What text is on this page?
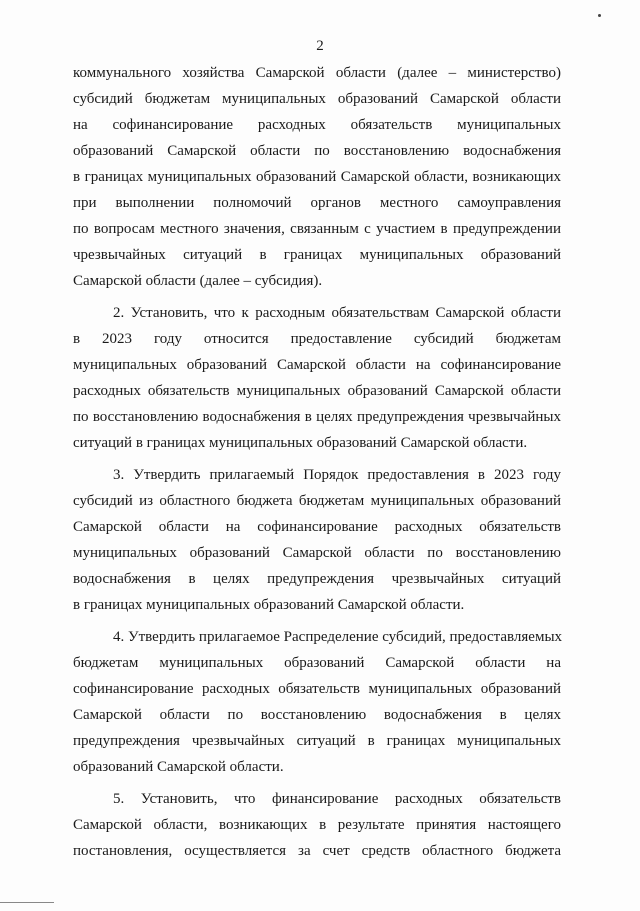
2
коммунального хозяйства Самарской области (далее – министерство)
субсидий бюджетам муниципальных образований Самарской области
на софинансирование расходных обязательств муниципальных
образований Самарской области по восстановлению водоснабжения
в границах муниципальных образований Самарской области, возникающих
при выполнении полномочий органов местного самоуправления
по вопросам местного значения, связанным с участием в предупреждении
чрезвычайных ситуаций в границах муниципальных образований
Самарской области (далее – субсидия).
2. Установить, что к расходным обязательствам Самарской области
в 2023 году относится предоставление субсидий бюджетам
муниципальных образований Самарской области на софинансирование
расходных обязательств муниципальных образований Самарской области
по восстановлению водоснабжения в целях предупреждения чрезвычайных
ситуаций в границах муниципальных образований Самарской области.
3. Утвердить прилагаемый Порядок предоставления в 2023 году
субсидий из областного бюджета бюджетам муниципальных образований
Самарской области на софинансирование расходных обязательств
муниципальных образований Самарской области по восстановлению
водоснабжения в целях предупреждения чрезвычайных ситуаций
в границах муниципальных образований Самарской области.
4. Утвердить прилагаемое Распределение субсидий, предоставляемых
бюджетам муниципальных образований Самарской области на
софинансирование расходных обязательств муниципальных образований
Самарской области по восстановлению водоснабжения в целях
предупреждения чрезвычайных ситуаций в границах муниципальных
образований Самарской области.
5. Установить, что финансирование расходных обязательств
Самарской области, возникающих в результате принятия настоящего
постановления, осуществляется за счет средств областного бюджета
